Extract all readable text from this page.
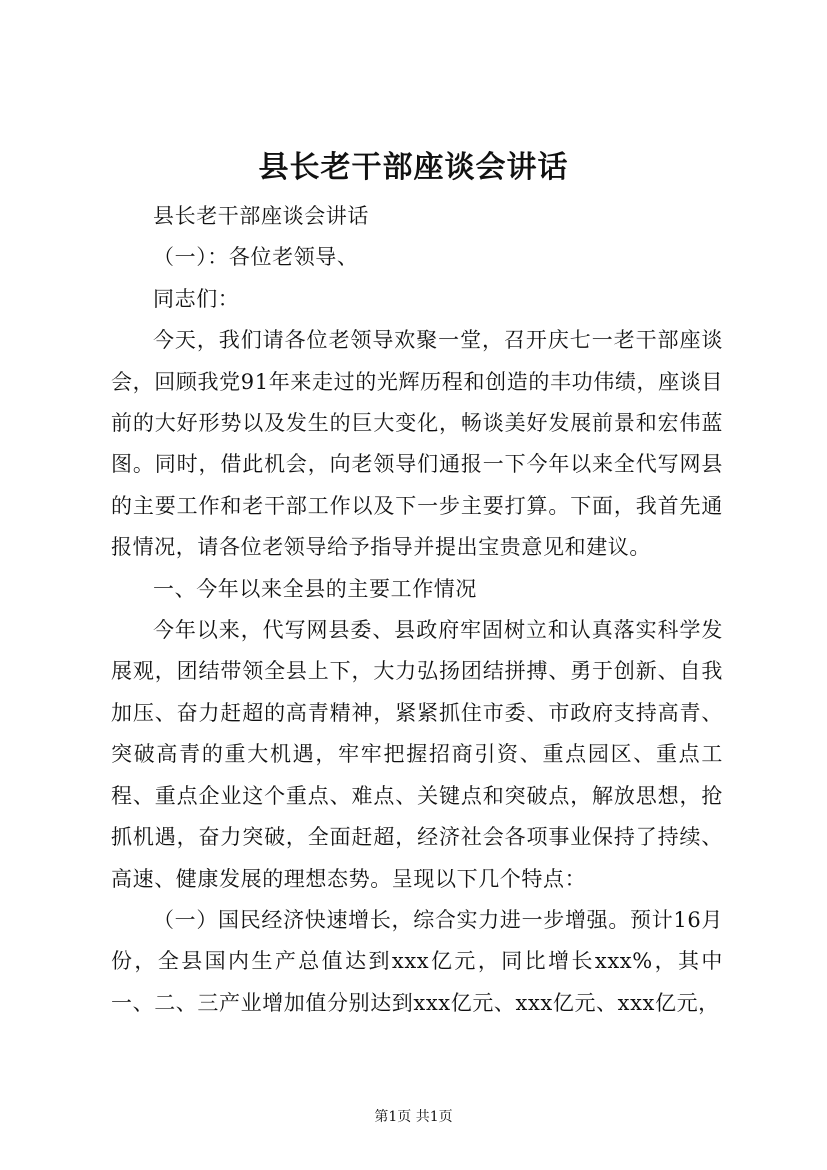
县长老干部座谈会讲话

县长老干部座谈会讲话

（一）：各位老领导、

同志们：

今天，我们请各位老领导欢聚一堂，召开庆七一老干部座谈会，回顾我党91年来走过的光辉历程和创造的丰功伟绩，座谈目前的大好形势以及发生的巨大变化，畅谈美好发展前景和宏伟蓝图。同时，借此机会，向老领导们通报一下今年以来全代写网县的主要工作和老干部工作以及下一步主要打算。下面，我首先通报情况，请各位老领导给予指导并提出宝贵意见和建议。

一、今年以来全县的主要工作情况

今年以来，代写网县委、县政府牢固树立和认真落实科学发展观，团结带领全县上下，大力弘扬团结拼搏、勇于创新、自我加压、奋力赶超的高青精神，紧紧抓住市委、市政府支持高青、突破高青的重大机遇，牢牢把握招商引资、重点园区、重点工程、重点企业这个重点、难点、关键点和突破点，解放思想，抢抓机遇，奋力突破，全面赶超，经济社会各项事业保持了持续、高速、健康发展的理想态势。呈现以下几个特点：

（一）国民经济快速增长，综合实力进一步增强。预计16月份，全县国内生产总值达到xxx亿元，同比增长xxx%，其中一、二、三产业增加值分别达到xxx亿元、xxx亿元、xxx亿元，

第1页 共1页
